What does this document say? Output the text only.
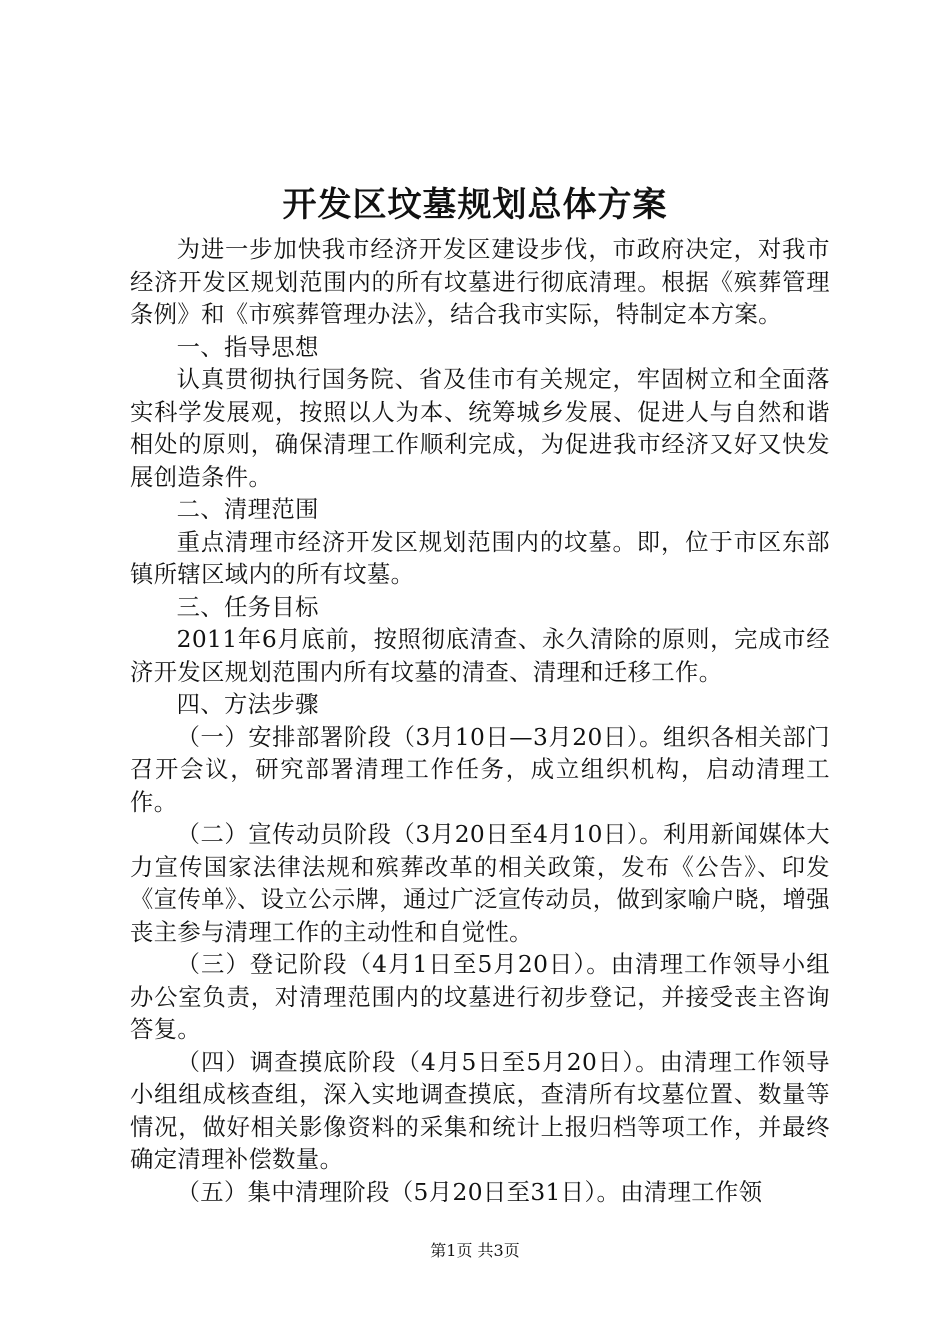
开发区坟墓规划总体方案

为进一步加快我市经济开发区建设步伐，市政府决定，对我市经济开发区规划范围内的所有坟墓进行彻底清理。根据《殡葬管理条例》和《市殡葬管理办法》，结合我市实际，特制定本方案。

一、指导思想

认真贯彻执行国务院、省及佳市有关规定，牢固树立和全面落实科学发展观，按照以人为本、统筹城乡发展、促进人与自然和谐相处的原则，确保清理工作顺利完成，为促进我市经济又好又快发展创造条件。

二、清理范围

重点清理市经济开发区规划范围内的坟墓。即，位于市区东部镇所辖区域内的所有坟墓。

三、任务目标

2011年6月底前，按照彻底清查、永久清除的原则，完成市经济开发区规划范围内所有坟墓的清查、清理和迁移工作。

四、方法步骤

（一）安排部署阶段（3月10日—3月20日）。组织各相关部门召开会议，研究部署清理工作任务，成立组织机构，启动清理工作。

（二）宣传动员阶段（3月20日至4月10日）。利用新闻媒体大力宣传国家法律法规和殡葬改革的相关政策，发布《公告》、印发《宣传单》、设立公示牌，通过广泛宣传动员，做到家喻户晓，增强丧主参与清理工作的主动性和自觉性。

（三）登记阶段（4月1日至5月20日）。由清理工作领导小组办公室负责，对清理范围内的坟墓进行初步登记，并接受丧主咨询答复。

（四）调查摸底阶段（4月5日至5月20日）。由清理工作领导小组组成核查组，深入实地调查摸底，查清所有坟墓位置、数量等情况，做好相关影像资料的采集和统计上报归档等项工作，并最终确定清理补偿数量。

（五）集中清理阶段（5月20日至31日）。由清理工作领

第1页 共3页
